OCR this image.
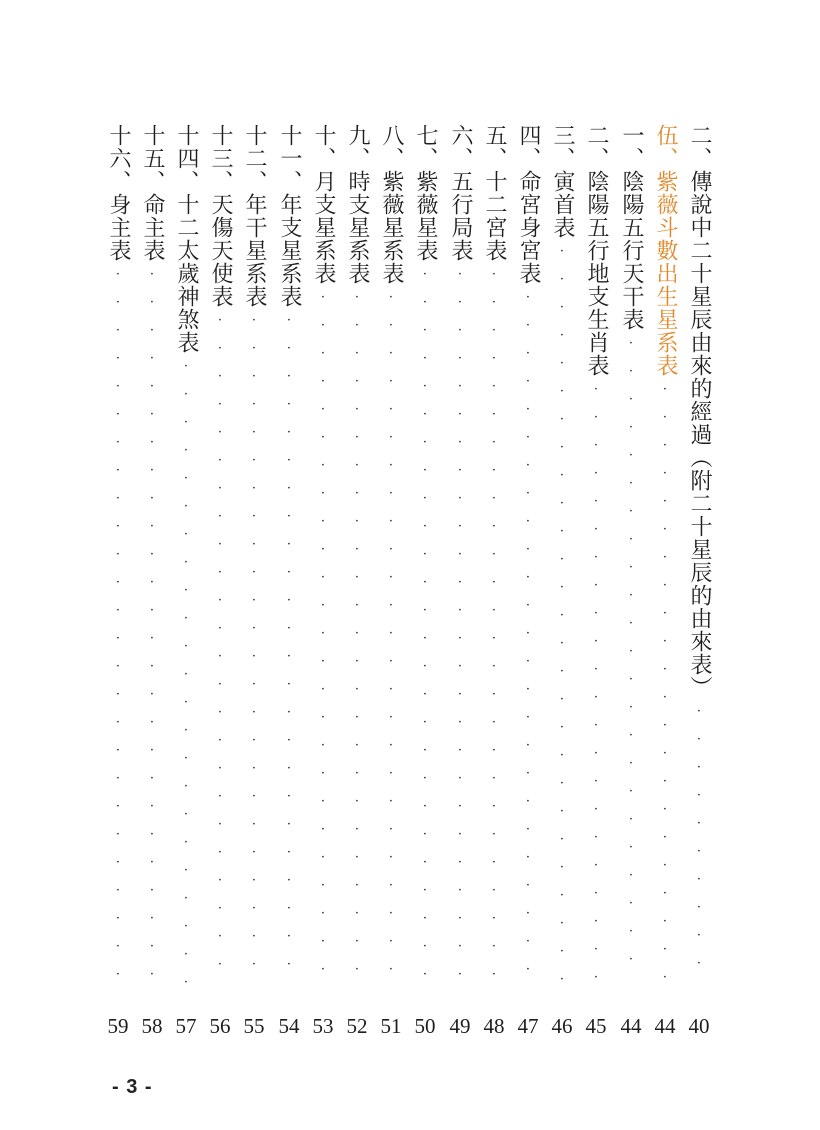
二、傳說中二十星辰由來的經過（附二十星辰的由來表）
·

·

·

·

·

·

·

·

·

·
40
伍、紫薇斗數出生星系表
·

·

·

·

·

·

·

·

·

·

·

·

·

·

·

·

·

·

·

·

·

·
44
一、陰陽五行天干表
·

·

·

·

·

·

·

·

·

·

·

·

·

·

·

·

·

·

·

·

·

·

·
44
二、陰陽五行地支生肖表
·

·

·

·

·

·

·

·

·

·

·

·

·

·

·

·

·

·

·

·

·

·
45
三、寅首表
·

·

·

·

·

·

·

·

·

·

·

·

·

·

·

·

·

·

·

·

·

·

·

·

·

·

·
46
四、命宮身宮表
·

·

·

·

·

·

·

·

·

·

·

·

·

·

·

·

·

·

·

·

·

·

·

·

·
47
五、十二宮表
·

·

·

·

·

·

·

·

·

·

·

·

·

·

·

·

·

·

·

·

·

·

·

·

·

·
48
六、五行局表
·

·

·

·

·

·

·

·

·

·

·

·

·

·

·

·

·

·

·

·

·

·

·

·

·

·
49
七、紫薇星表
·

·

·

·

·

·

·

·

·

·

·

·

·

·

·

·

·

·

·

·

·

·

·

·

·

·
50
八、紫薇星系表
·

·

·

·

·

·

·

·

·

·

·

·

·

·

·

·

·

·

·

·

·

·

·

·

·
51
九、時支星系表
·

·

·

·

·

·

·

·

·

·

·

·

·

·

·

·

·

·

·

·

·

·

·

·

·
52
十、月支星系表
·

·

·

·

·

·

·

·

·

·

·

·

·

·

·

·

·

·

·

·

·

·

·

·

·
53
十一、年支星系表
·

·

·

·

·

·

·

·

·

·

·

·

·

·

·

·

·

·

·

·

·

·

·

·
54
十二、年干星系表
·

·

·

·

·

·

·

·

·

·

·

·

·

·

·

·

·

·

·

·

·

·

·

·
55
十三、天傷天使表
·

·

·

·

·

·

·

·

·

·

·

·

·

·

·

·

·

·

·

·

·

·

·

·
56
十四、十二太歲神煞表
·

·

·

·

·

·

·

·

·

·

·

·

·

·

·

·

·

·

·

·

·

·

·
57
十五、命主表
·

·

·

·

·

·

·

·

·

·

·

·

·

·

·

·

·

·

·

·

·

·

·

·

·

·
58
十六、身主表
·

·

·

·

·

·

·

·

·

·

·

·

·

·

·

·

·

·

·

·

·

·

·

·

·

·
59
- 3 -
